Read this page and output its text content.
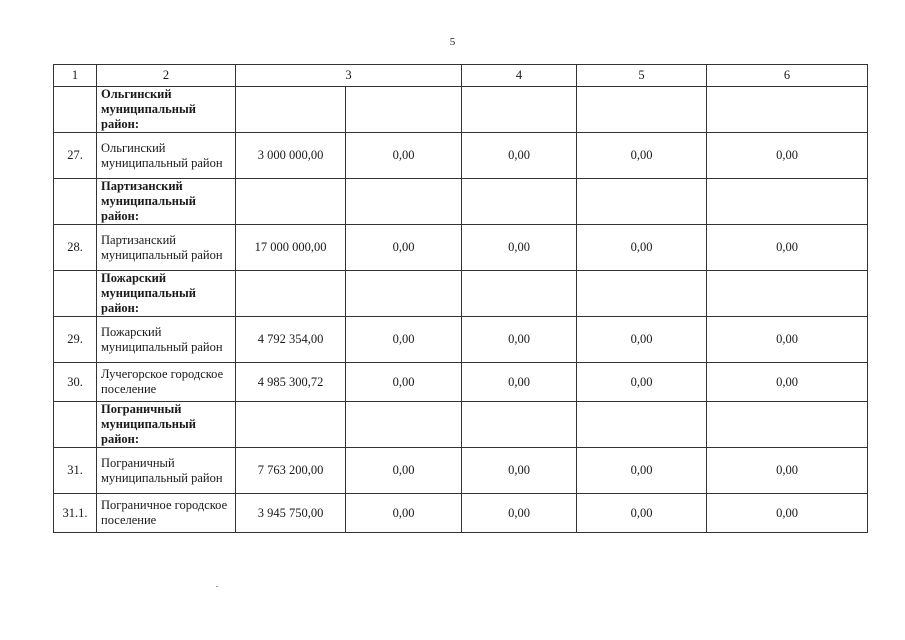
5
1	2	3		4	5	6
	Ольгинский муниципальный район:					
27.	Ольгинский муниципальный район	3 000 000,00	0,00	0,00	0,00	0,00
	Партизанский муниципальный район:					
28.	Партизанский муниципальный район	17 000 000,00	0,00	0,00	0,00	0,00
	Пожарский муниципальный район:					
29.	Пожарский муниципальный район	4 792 354,00	0,00	0,00	0,00	0,00
30.	Лучегорское городское поселение	4 985 300,72	0,00	0,00	0,00	0,00
	Пограничный муниципальный район:					
31.	Пограничный муниципальный район	7 763 200,00	0,00	0,00	0,00	0,00
31.1.	Пограничное городское поселение	3 945 750,00	0,00	0,00	0,00	0,00
